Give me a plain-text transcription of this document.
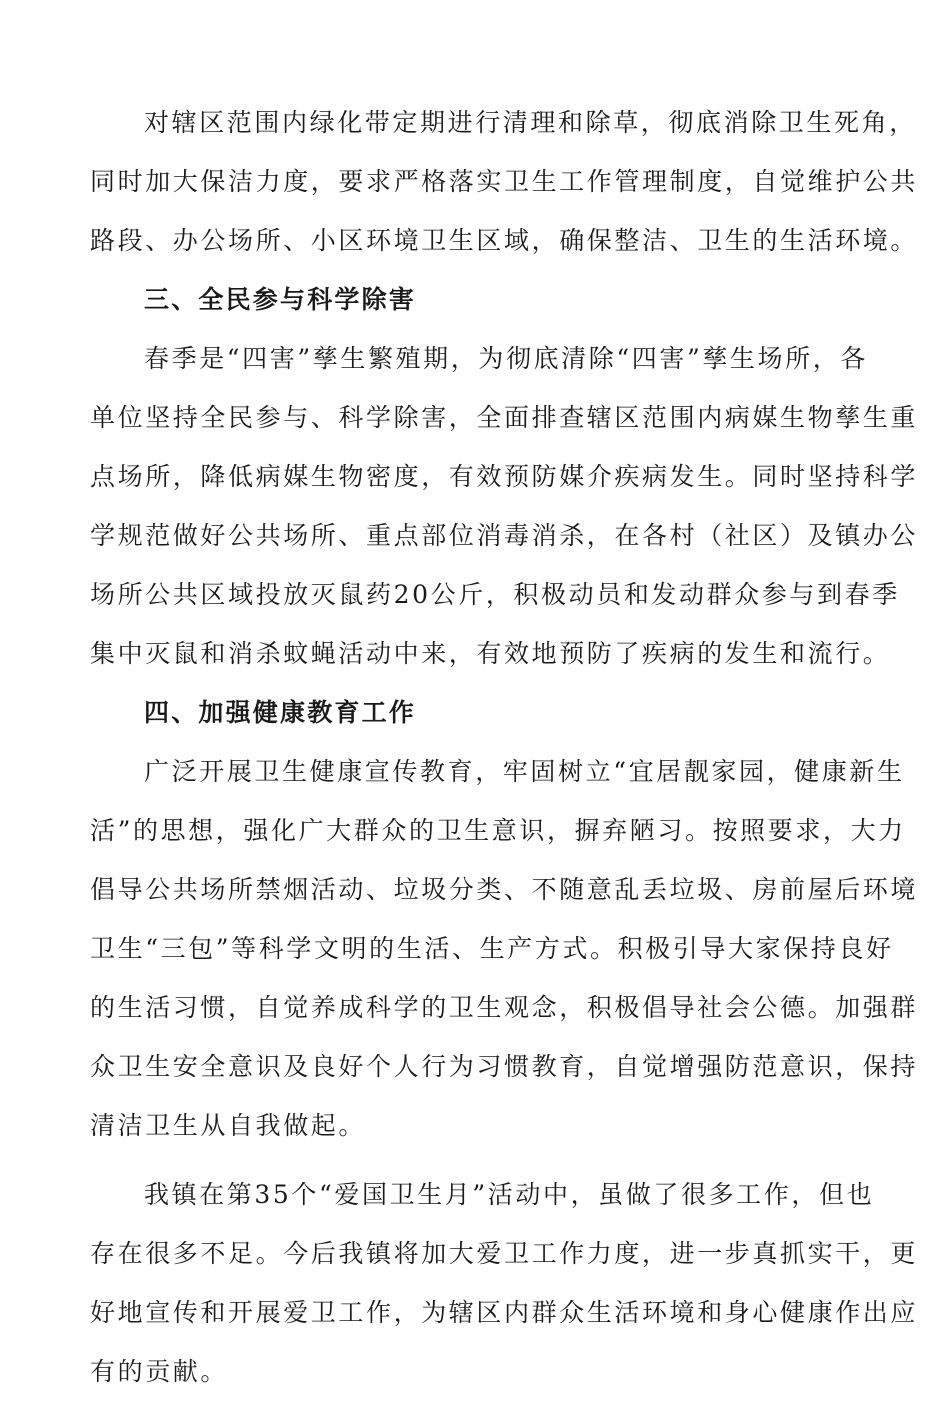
对辖区范围内绿化带定期进行清理和除草，彻底消除卫生死角，
同时加大保洁力度，要求严格落实卫生工作管理制度，自觉维护公共
路段、办公场所、小区环境卫生区域，确保整洁、卫生的生活环境。
三、全民参与科学除害
春季是“四害”孳生繁殖期，为彻底清除“四害”孳生场所，各
单位坚持全民参与、科学除害，全面排查辖区范围内病媒生物孳生重
点场所，降低病媒生物密度，有效预防媒介疾病发生。同时坚持科学
学规范做好公共场所、重点部位消毒消杀，在各村（社区）及镇办公
场所公共区域投放灭鼠药20公斤，积极动员和发动群众参与到春季
集中灭鼠和消杀蚊蝇活动中来，有效地预防了疾病的发生和流行。
四、加强健康教育工作
广泛开展卫生健康宣传教育，牢固树立“宜居靓家园，健康新生
活”的思想，强化广大群众的卫生意识，摒弃陋习。按照要求，大力
倡导公共场所禁烟活动、垃圾分类、不随意乱丢垃圾、房前屋后环境
卫生“三包”等科学文明的生活、生产方式。积极引导大家保持良好
的生活习惯，自觉养成科学的卫生观念，积极倡导社会公德。加强群
众卫生安全意识及良好个人行为习惯教育，自觉增强防范意识，保持
清洁卫生从自我做起。
我镇在第35个“爱国卫生月”活动中，虽做了很多工作，但也
存在很多不足。今后我镇将加大爱卫工作力度，进一步真抓实干，更
好地宣传和开展爱卫工作，为辖区内群众生活环境和身心健康作出应
有的贡献。
